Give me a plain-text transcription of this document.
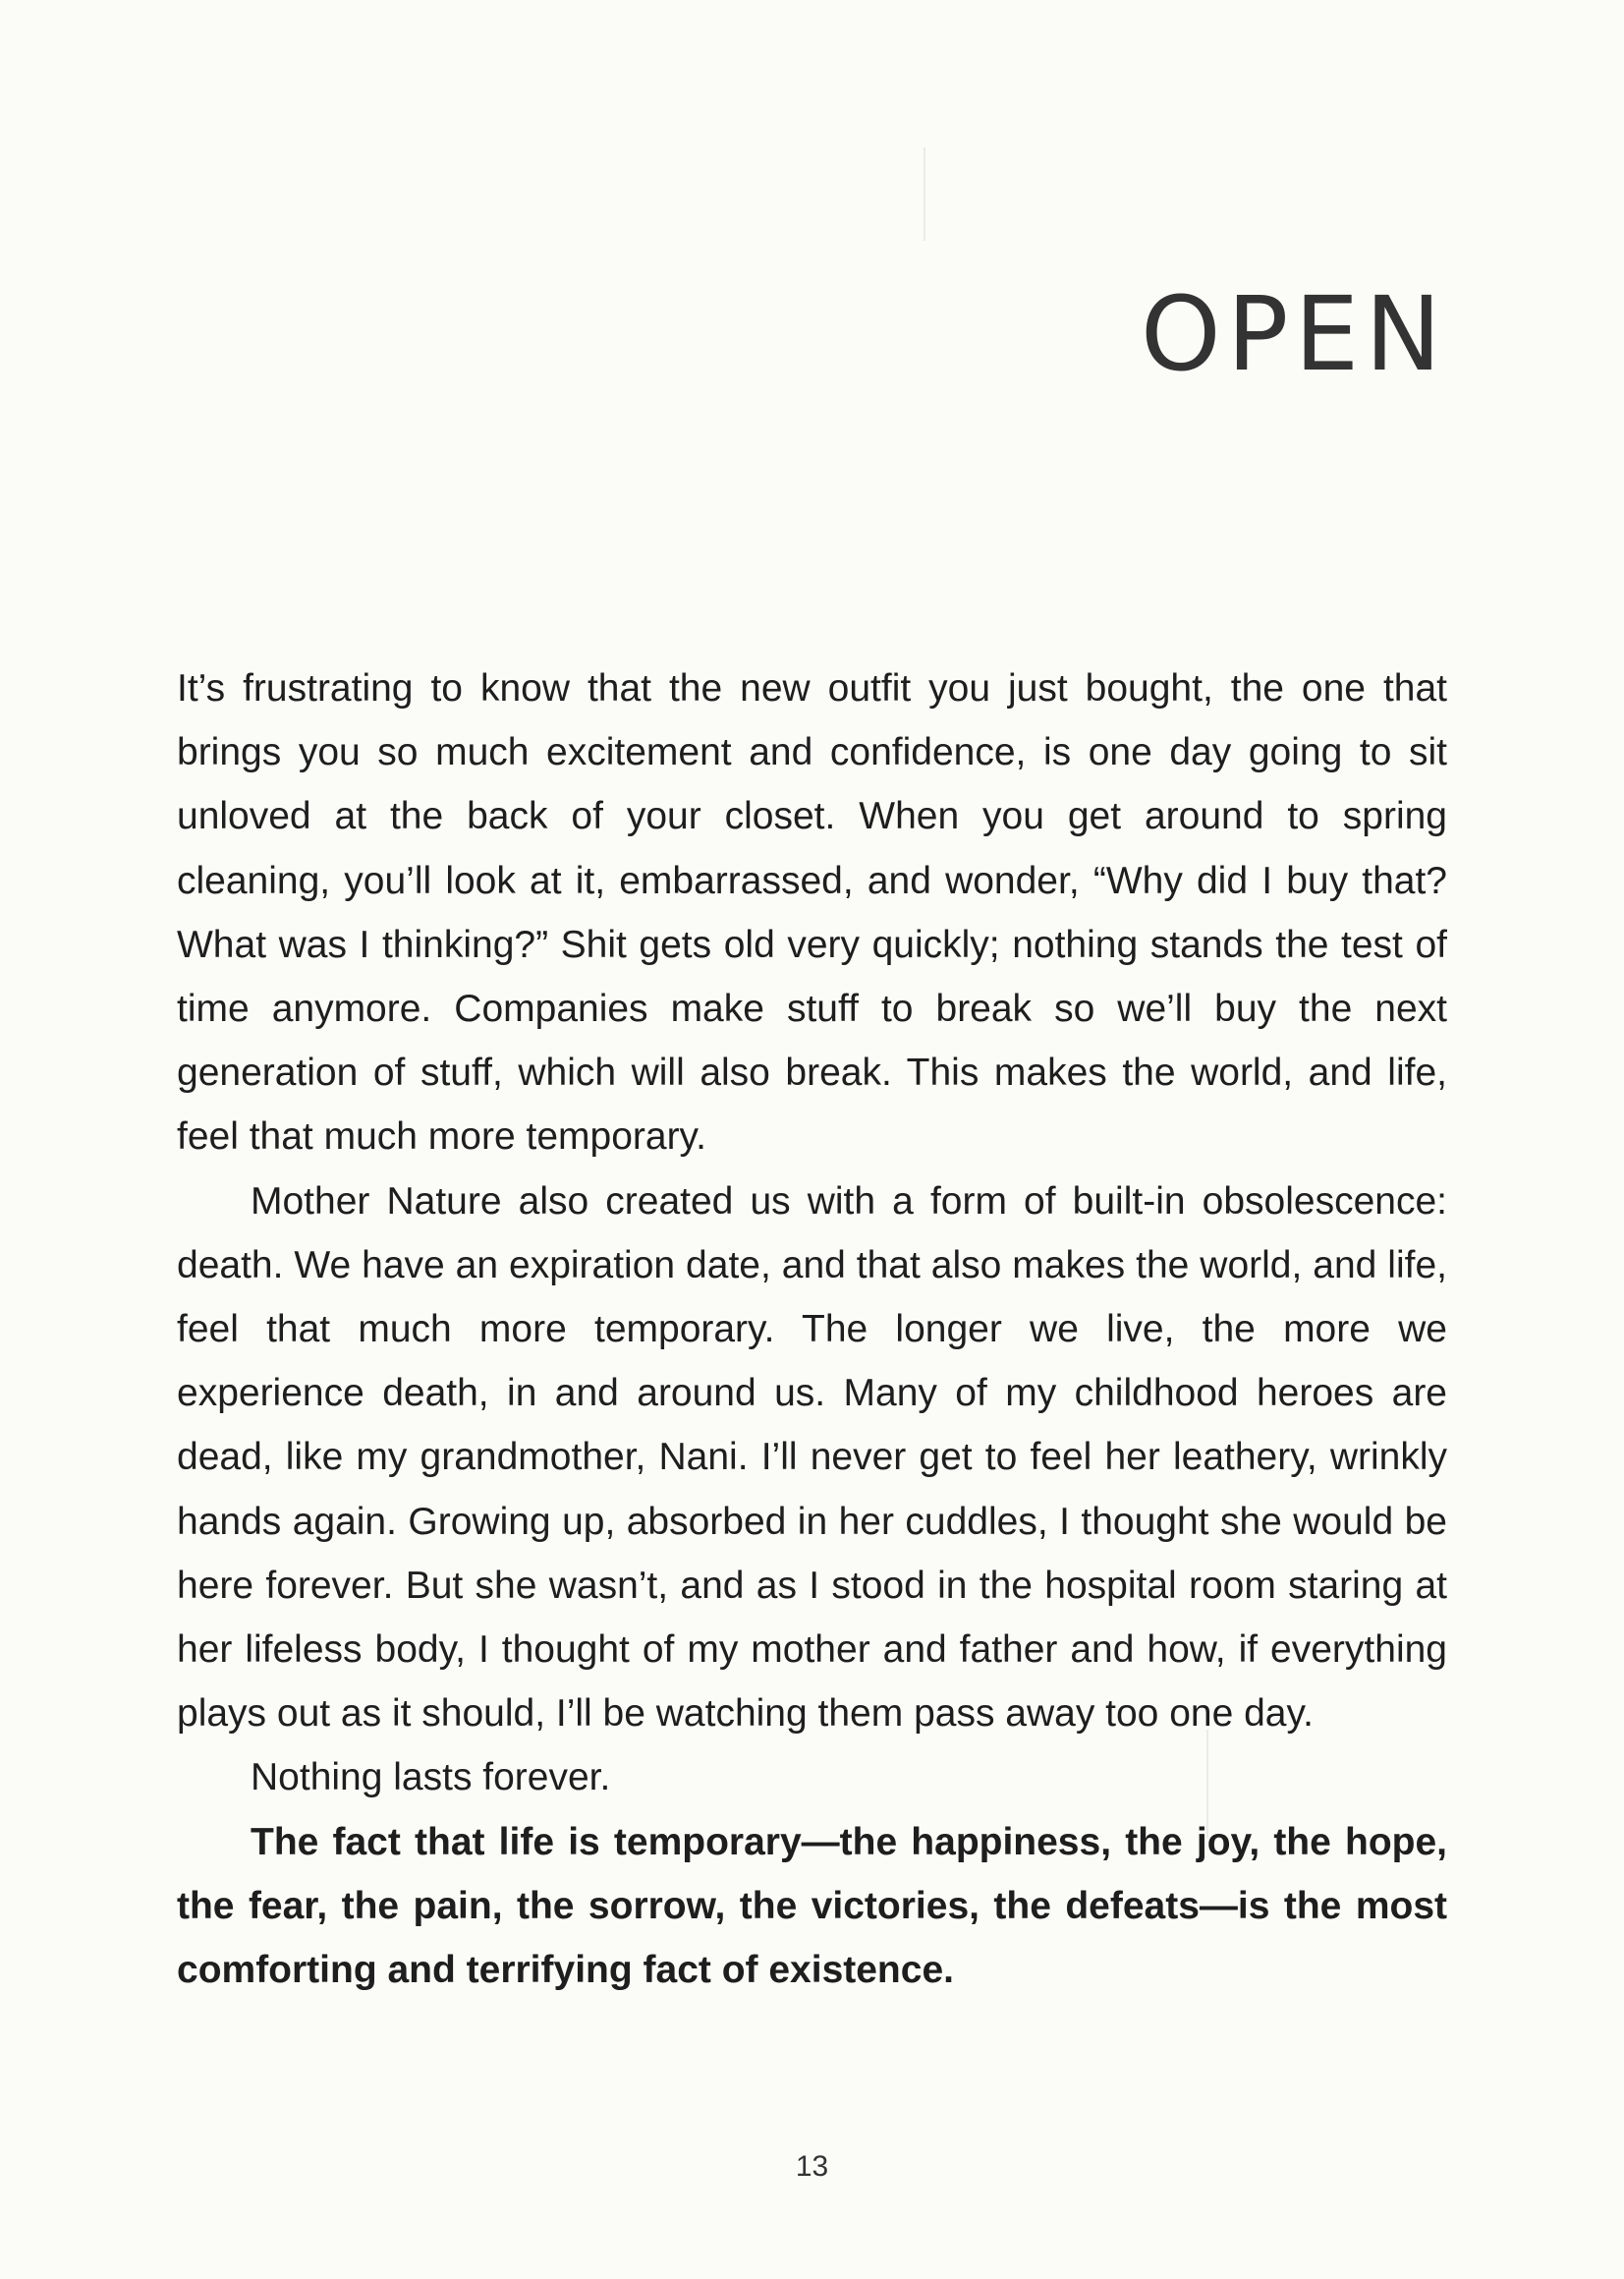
OPEN

It’s frustrating to know that the new outfit you just bought, the one that brings you so much excitement and confidence, is one day going to sit unloved at the back of your closet. When you get around to spring cleaning, you’ll look at it, embarrassed, and wonder, “Why did I buy that? What was I thinking?” Shit gets old very quickly; nothing stands the test of time anymore. Companies make stuff to break so we’ll buy the next generation of stuff, which will also break. This makes the world, and life, feel that much more temporary.

Mother Nature also created us with a form of built-in obsolescence: death. We have an expiration date, and that also makes the world, and life, feel that much more temporary. The longer we live, the more we experience death, in and around us. Many of my childhood heroes are dead, like my grandmother, Nani. I’ll never get to feel her leathery, wrinkly hands again. Growing up, absorbed in her cuddles, I thought she would be here forever. But she wasn’t, and as I stood in the hospital room staring at her lifeless body, I thought of my mother and father and how, if everything plays out as it should, I’ll be watching them pass away too one day.

Nothing lasts forever.

The fact that life is temporary—the happiness, the joy, the hope, the fear, the pain, the sorrow, the victories, the defeats—is the most comforting and terrifying fact of existence.

13
